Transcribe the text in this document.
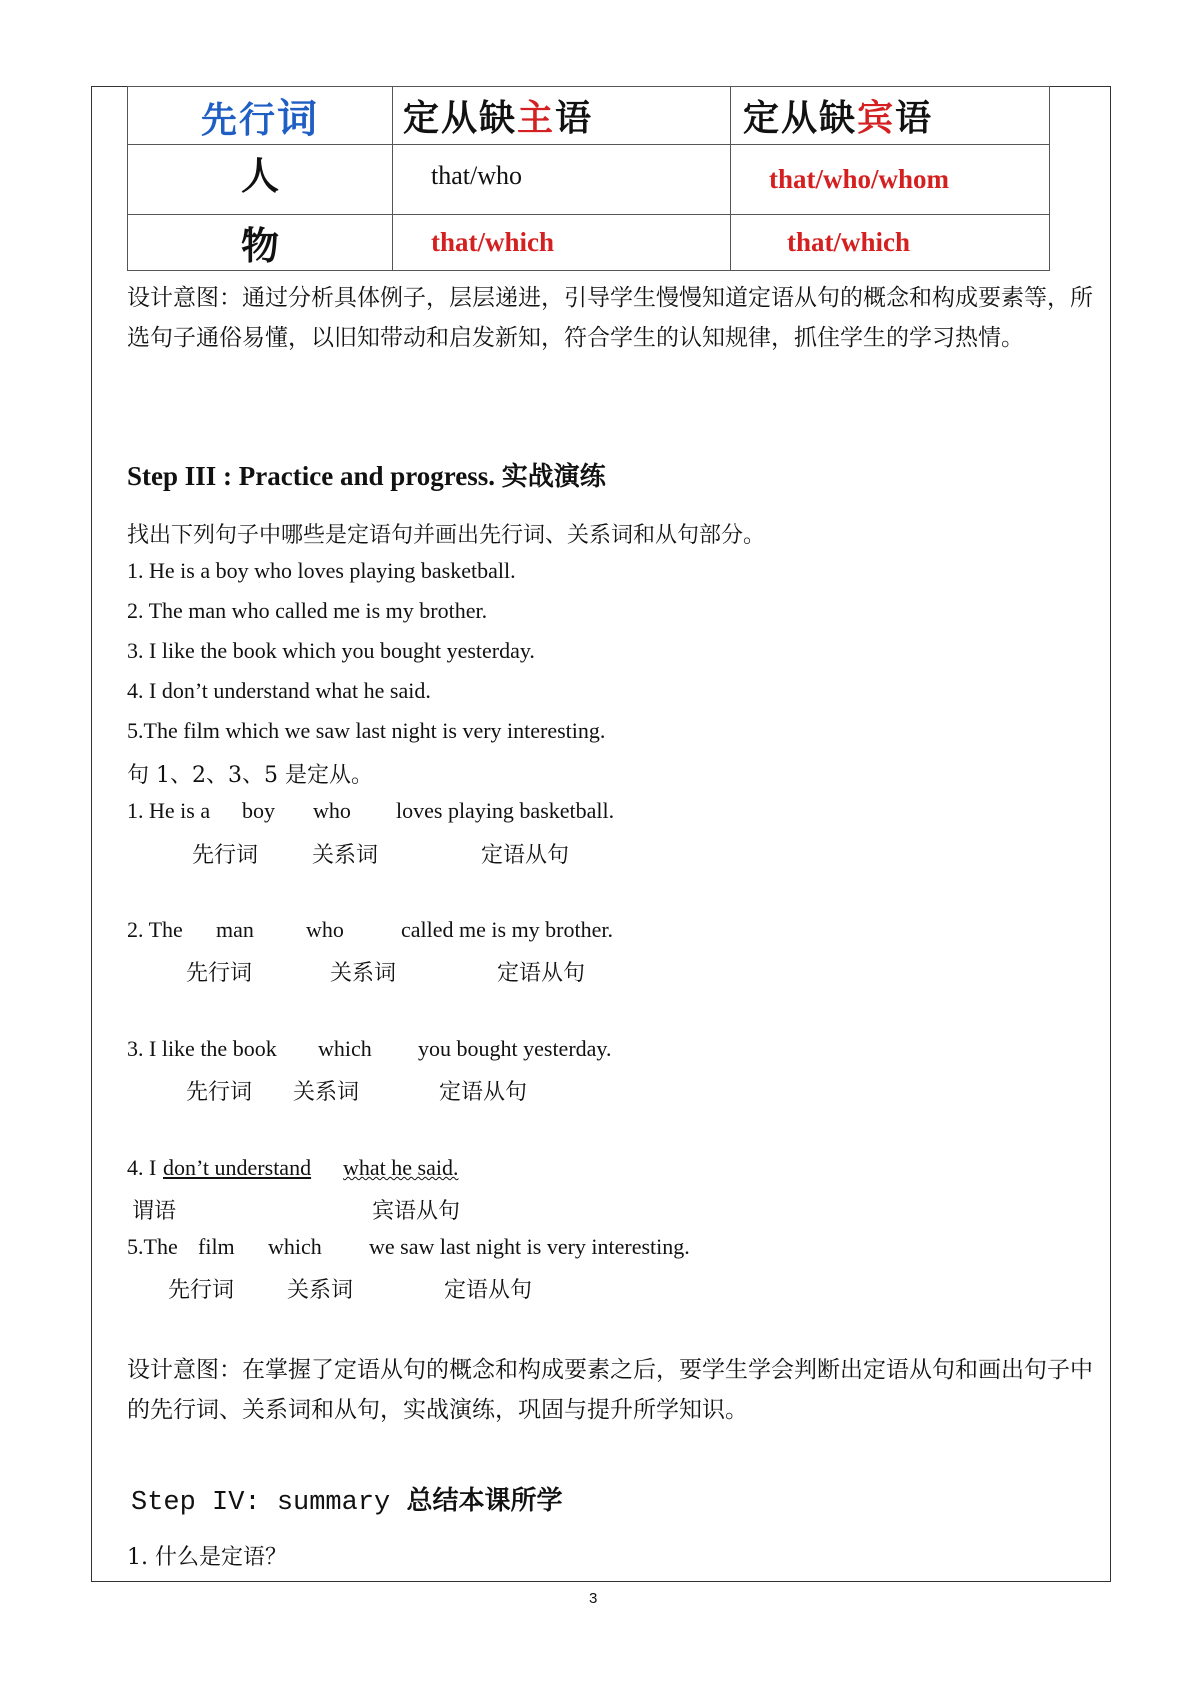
先行词	定从缺主语	定从缺宾语
人	that/who	that/who/whom
物	that/which	that/which
设计意图：通过分析具体例子，层层递进，引导学生慢慢知道定语从句的概念和构成要素等，所选句子通俗易懂，以旧知带动和启发新知，符合学生的认知规律，抓住学生的学习热情。
Step III : Practice and progress. 实战演练
找出下列句子中哪些是定语句并画出先行词、关系词和从句部分。
1. He is a boy who loves playing basketball.
2. The man who called me is my brother.
3. I like the book which you bought yesterday.
4. I don’t understand what he said.
5.The film which we saw last night is very interesting.
句 1、2、3、5 是定从。
1. He is a boy who loves playing basketball.
先行词 关系词	定语从句
2. The man who	called me is my brother.
先行词	关系词	定语从句
3. I like the book which you bought yesterday.
先行词 关系词	定语从句
4. I don’t understand what he said.
谓语	宾语从句
5.The film which we saw last night is very interesting.
先行词 关系词	定语从句
设计意图：在掌握了定语从句的概念和构成要素之后，要学生学会判断出定语从句和画出句子中的先行词、关系词和从句，实战演练，巩固与提升所学知识。
Step IV: summary 总结本课所学
1. 什么是定语？
3
